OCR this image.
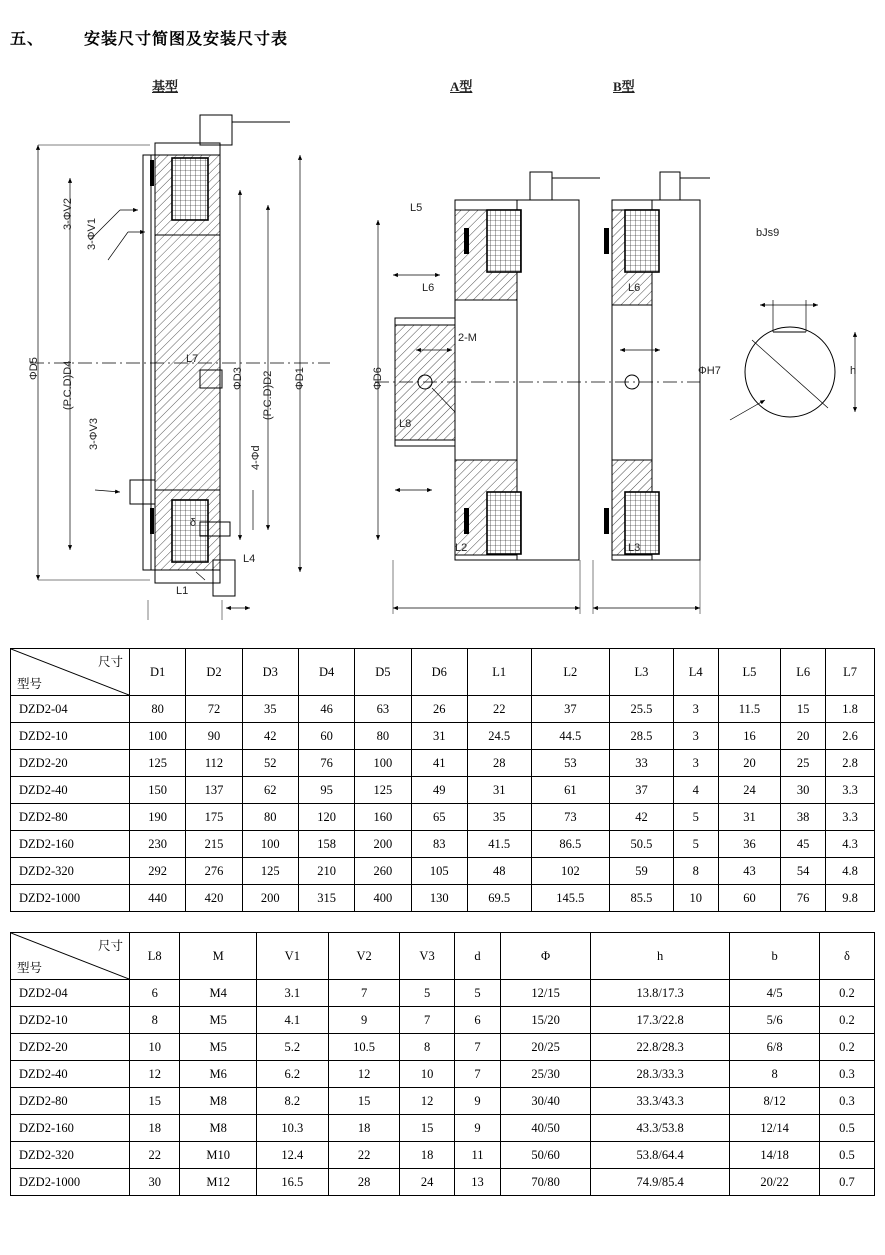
五、	安装尺寸简图及安装尺寸表
基型	A型	B型
ΦD5 (P.C.D)D4	ΦD3 (P.C.D)D2 ΦD1
3-ΦV2
3-ΦV1
3-ΦV3
4-Φd
L7
δ
L4
L1
L5
L6
2-M
L8
L2
ΦD6
L6
L3
bJs9
h
ΦH7
尺寸
型号	D1	D2	D3	D4	D5	D6	L1	L2	L3	L4	L5	L6	L7
DZD2-04	80	72	35	46	63	26	22	37	25.5	3	11.5	15	1.8
DZD2-10	100	90	42	60	80	31	24.5	44.5	28.5	3	16	20	2.6
DZD2-20	125	112	52	76	100	41	28	53	33	3	20	25	2.8
DZD2-40	150	137	62	95	125	49	31	61	37	4	24	30	3.3
DZD2-80	190	175	80	120	160	65	35	73	42	5	31	38	3.3
DZD2-160	230	215	100	158	200	83	41.5	86.5	50.5	5	36	45	4.3
DZD2-320	292	276	125	210	260	105	48	102	59	8	43	54	4.8
DZD2-1000	440	420	200	315	400	130	69.5	145.5	85.5	10	60	76	9.8
尺寸
型号	L8	M	V1	V2	V3	d	Φ	h	b	δ
DZD2-04	6	M4	3.1	7	5	5	12/15	13.8/17.3	4/5	0.2
DZD2-10	8	M5	4.1	9	7	6	15/20	17.3/22.8	5/6	0.2
DZD2-20	10	M5	5.2	10.5	8	7	20/25	22.8/28.3	6/8	0.2
DZD2-40	12	M6	6.2	12	10	7	25/30	28.3/33.3	8	0.3
DZD2-80	15	M8	8.2	15	12	9	30/40	33.3/43.3	8/12	0.3
DZD2-160	18	M8	10.3	18	15	9	40/50	43.3/53.8	12/14	0.5
DZD2-320	22	M10	12.4	22	18	11	50/60	53.8/64.4	14/18	0.5
DZD2-1000	30	M12	16.5	28	24	13	70/80	74.9/85.4	20/22	0.7
